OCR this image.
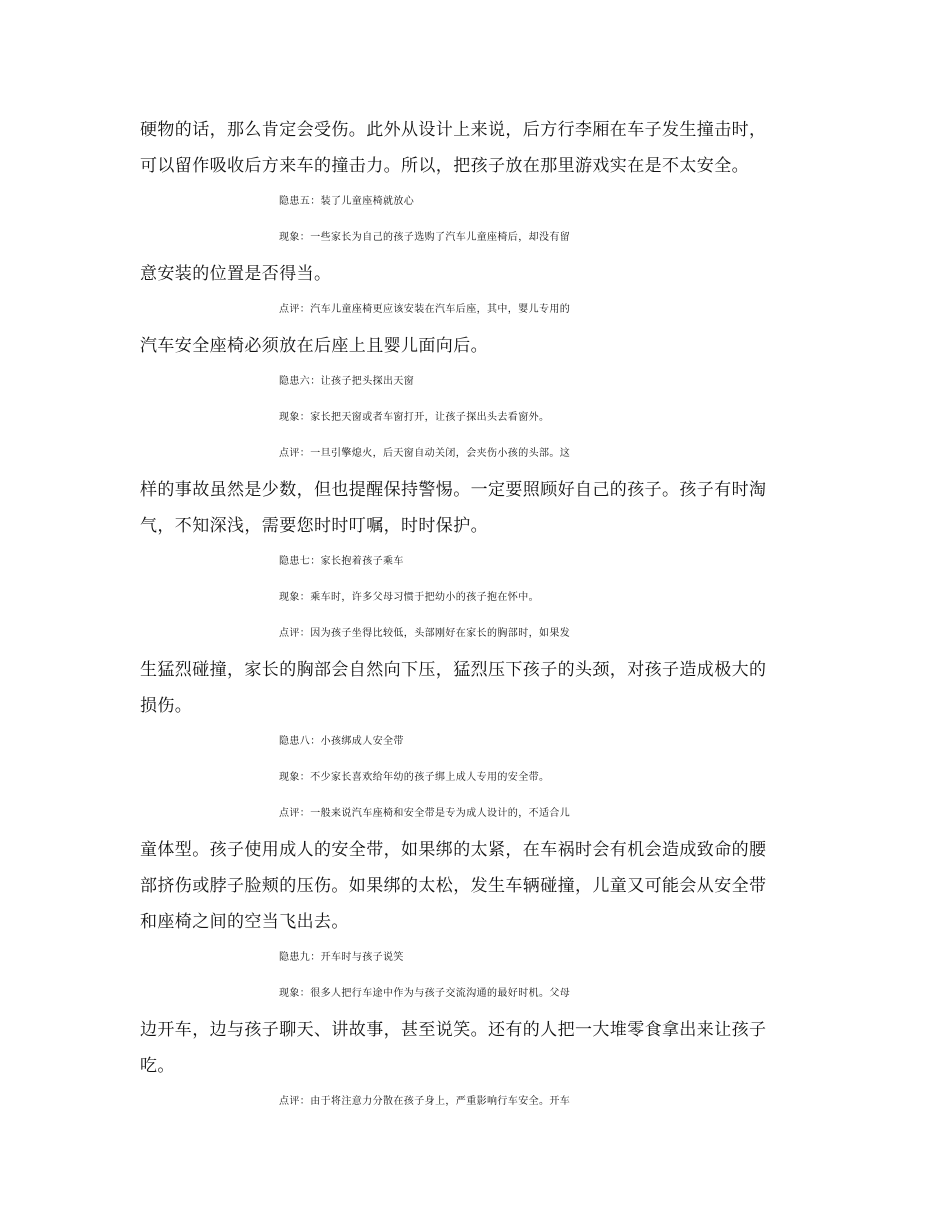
硬物的话，那么肯定会受伤。此外从设计上来说，后方行李厢在车子发生撞击时，
可以留作吸收后方来车的撞击力。所以，把孩子放在那里游戏实在是不太安全。
隐患五：装了儿童座椅就放心
现象：一些家长为自己的孩子选购了汽车儿童座椅后，却没有留
意安装的位置是否得当。
点评：汽车儿童座椅更应该安装在汽车后座，其中，婴儿专用的
汽车安全座椅必须放在后座上且婴儿面向后。
隐患六：让孩子把头探出天窗
现象：家长把天窗或者车窗打开，让孩子探出头去看窗外。
点评：一旦引擎熄火，后天窗自动关闭，会夹伤小孩的头部。这
样的事故虽然是少数，但也提醒保持警惕。一定要照顾好自己的孩子。孩子有时淘
气，不知深浅，需要您时时叮嘱，时时保护。
隐患七：家长抱着孩子乘车
现象：乘车时，许多父母习惯于把幼小的孩子抱在怀中。
点评：因为孩子坐得比较低，头部刚好在家长的胸部时，如果发
生猛烈碰撞，家长的胸部会自然向下压，猛烈压下孩子的头颈，对孩子造成极大的
损伤。
隐患八：小孩绑成人安全带
现象：不少家长喜欢给年幼的孩子绑上成人专用的安全带。
点评：一般来说汽车座椅和安全带是专为成人设计的，不适合儿
童体型。孩子使用成人的安全带，如果绑的太紧，在车祸时会有机会造成致命的腰
部挤伤或脖子脸颊的压伤。如果绑的太松，发生车辆碰撞，儿童又可能会从安全带
和座椅之间的空当飞出去。
隐患九：开车时与孩子说笑
现象：很多人把行车途中作为与孩子交流沟通的最好时机。父母
边开车，边与孩子聊天、讲故事，甚至说笑。还有的人把一大堆零食拿出来让孩子
吃。
点评：由于将注意力分散在孩子身上，严重影响行车安全。开车
